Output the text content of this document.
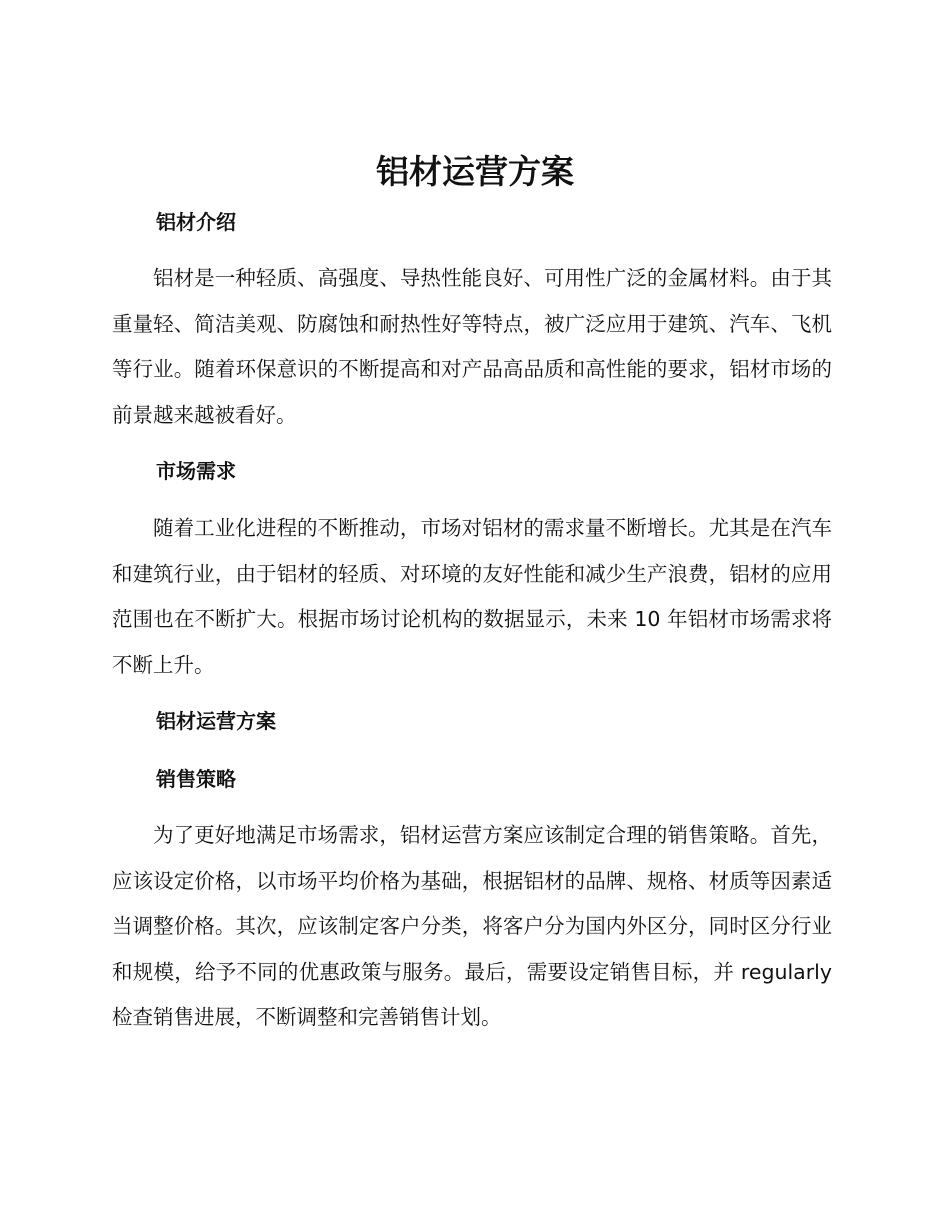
铝材运营方案
铝材介绍

铝材是一种轻质、高强度、导热性能良好、可用性广泛的金属材料。由于其重量轻、简洁美观、防腐蚀和耐热性好等特点，被广泛应用于建筑、汽车、飞机等行业。随着环保意识的不断提高和对产品高品质和高性能的要求，铝材市场的前景越来越被看好。

市场需求

随着工业化进程的不断推动，市场对铝材的需求量不断增长。尤其是在汽车和建筑行业，由于铝材的轻质、对环境的友好性能和减少生产浪费，铝材的应用范围也在不断扩大。根据市场讨论机构的数据显示，未来 10 年铝材市场需求将不断上升。

铝材运营方案
销售策略

为了更好地满足市场需求，铝材运营方案应该制定合理的销售策略。首先，应该设定价格，以市场平均价格为基础，根据铝材的品牌、规格、材质等因素适当调整价格。其次，应该制定客户分类，将客户分为国内外区分，同时区分行业和规模，给予不同的优惠政策与服务。最后，需要设定销售目标，并 regularly 检查销售进展，不断调整和完善销售计划。
